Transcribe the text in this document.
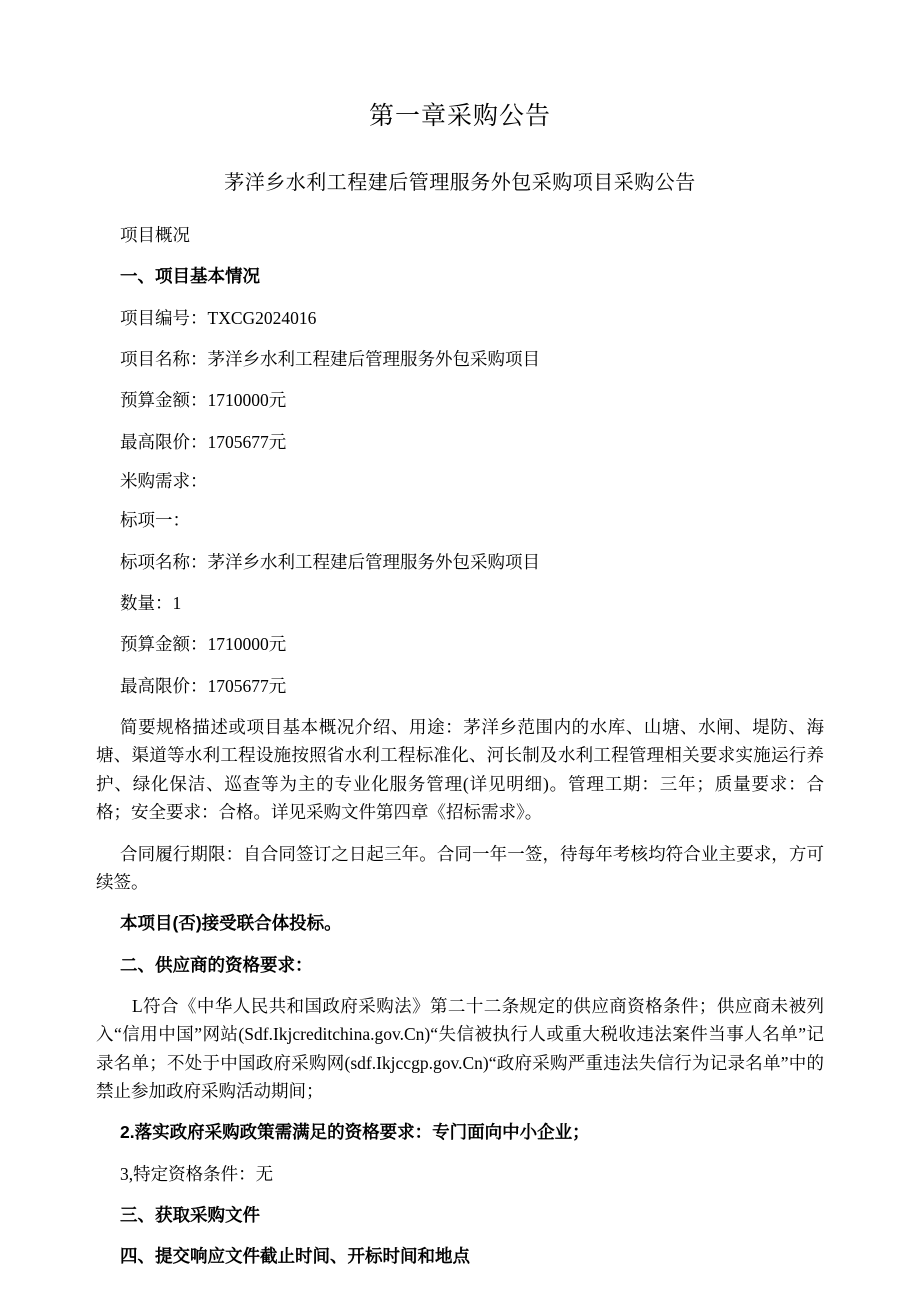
第一章采购公告
茅洋乡水利工程建后管理服务外包采购项目采购公告

项目概况

一、项目基本情况

项目编号：TXCG2024016

项目名称：茅洋乡水利工程建后管理服务外包采购项目

预算金额：1710000元

最高限价：1705677元

米购需求：

标项一：

标项名称：茅洋乡水利工程建后管理服务外包采购项目

数量：1

预算金额：1710000元

最高限价：1705677元

简要规格描述或项目基本概况介绍、用途：茅洋乡范围内的水库、山塘、水闸、堤防、海塘、渠道等水利工程设施按照省水利工程标准化、河长制及水利工程管理相关要求实施运行养护、绿化保洁、巡查等为主的专业化服务管理(详见明细)。管理工期：三年；质量要求：合格；安全要求：合格。详见采购文件第四章《招标需求》。

合同履行期限：自合同签订之日起三年。合同一年一签，待每年考核均符合业主要求，方可续签。

本项目(否)接受联合体投标。

二、供应商的资格要求：

L符合《中华人民共和国政府采购法》第二十二条规定的供应商资格条件；供应商未被列入“信用中国”网站(Sdf.Ikjcreditchina.gov.Cn)“失信被执行人或重大税收违法案件当事人名单”记录名单；不处于中国政府采购网(sdf.Ikjccgp.gov.Cn)“政府采购严重违法失信行为记录名单”中的禁止参加政府采购活动期间；

2.落实政府采购政策需满足的资格要求：专门面向中小企业；

3,特定资格条件：无

三、获取采购文件

四、提交响应文件截止时间、开标时间和地点
